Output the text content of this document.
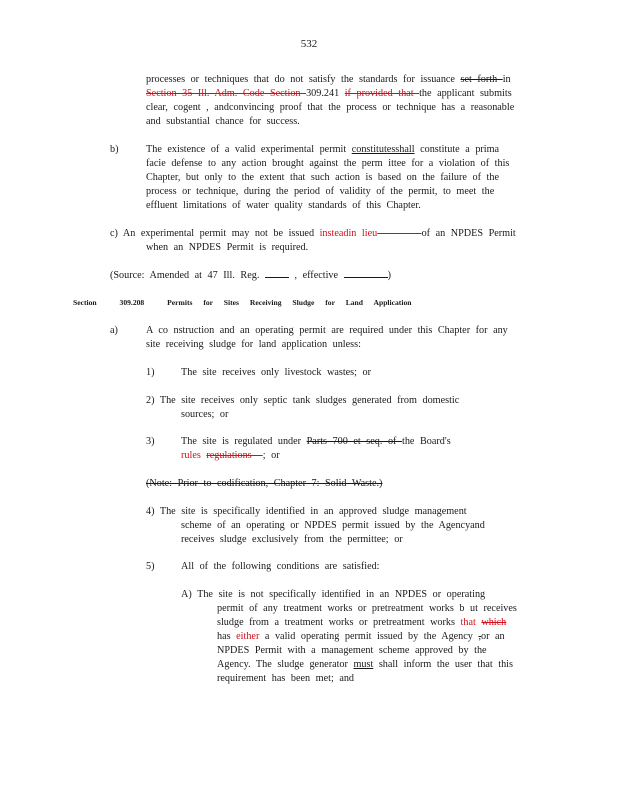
532
processes or techniques that do not satisfy the standards for issuance set forth in
Section 35 Ill. Adm. Code Section 309.241 if provided that the applicant submits
clear, cogent , andconvincing proof that the process or technique has a reasonable
and substantial chance for success.
b)	The existence of a valid experimental permit constitutesshall constitute a prima
facie defense to any action brought against the perm ittee for a violation of this
Chapter, but only to the extent that such action is based on the failure of the
process or technique, during the period of validity of the permit, to meet the
effluent limitations of water quality standards of this Chapter.
c) An experimental permit may not be issued insteadin lieu	of an NPDES Permit
when an NPDES Permit is required.
(Source: Amended at 47 Ill. Reg.  , effective	)
Section	309.208	Permits for Sites Receiving Sludge for Land Application
a)	A co nstruction and an operating permit are required under this Chapter for any
site receiving sludge for land application unless:
1)	The site receives only livestock wastes; or
2) The site receives only septic tank sludges generated from domestic
sources; or
3)	The site is regulated under Parts 700 et seq. of the Board's
rules regulations  ; or
(Note: Prior to codification, Chapter 7: Solid Waste.)
4) The site is specifically identified in an approved sludge management
scheme of an operating or NPDES permit issued by the Agencyand
receives sludge exclusively from the permittee; or
5)	All of the following conditions are satisfied:
A) The site is not specifically identified in an NPDES or operating
permit of any treatment works or pretreatment works b ut receives
sludge from a treatment works or pretreatment works that which
has either a valid operating permit issued by the Agency ,or an
NPDES Permit with a management scheme approved by the
Agency. The sludge generator must shall inform the user that this
requirement has been met; and
